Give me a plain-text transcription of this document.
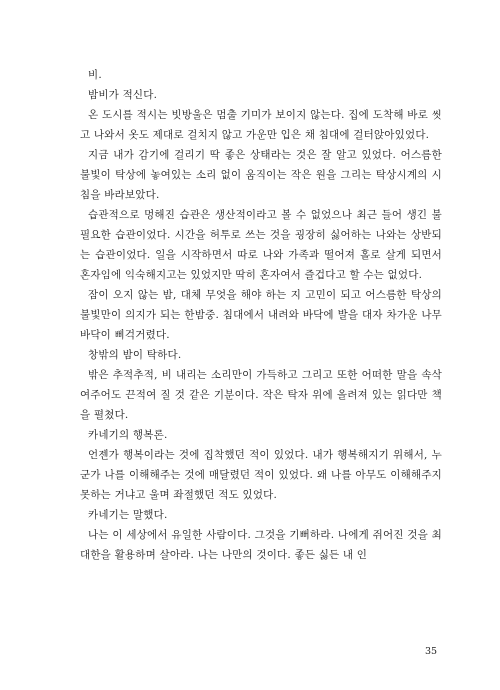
비.

밤비가 적신다.

온 도시를 적시는 빗방울은 멈출 기미가 보이지 않는다. 집에 도착해 바로 씻고 나와서 옷도 제대로 걸치지 않고 가운만 입은 채 침대에 걸터앉아있었다.

지금 내가 감기에 걸리기 딱 좋은 상태라는 것은 잘 알고 있었다. 어스름한 불빛이 탁상에 놓여있는 소리 없이 움직이는 작은 원을 그리는 탁상시계의 시침을 바라보았다.

습관적으로 멍해진 습관은 생산적이라고 볼 수 없었으나 최근 들어 생긴 불필요한 습관이었다. 시간을 허투로 쓰는 것을 굉장히 싫어하는 나와는 상반되는 습관이었다. 일을 시작하면서 따로 나와 가족과 떨어져 홀로 살게 되면서 혼자임에 익숙해지고는 있었지만 딱히 혼자여서 즐겁다고 할 수는 없었다.

잠이 오지 않는 밤, 대체 무엇을 해야 하는 지 고민이 되고 어스름한 탁상의 불빛만이 의지가 되는 한밤중. 침대에서 내려와 바닥에 발을 대자 차가운 나무 바닥이 삐걱거렸다.

창밖의 밤이 탁하다.

밖은 추적추적, 비 내리는 소리만이 가득하고 그리고 또한 어떠한 말을 속삭여주어도 끈적여 질 것 같은 기분이다. 작은 탁자 위에 올려져 있는 읽다만 책을 펼쳤다.

카네기의 행복론.

언젠가 행복이라는 것에 집착했던 적이 있었다. 내가 행복해지기 위해서, 누군가 나를 이해해주는 것에 매달렸던 적이 있었다. 왜 나를 아무도 이해해주지 못하는 거냐고 울며 좌절했던 적도 있었다.

카네기는 말했다.

나는 이 세상에서 유일한 사람이다. 그것을 기뻐하라. 나에게 쥐어진 것을 최대한을 활용하며 살아라. 나는 나만의 것이다. 좋든 싫든 내 인

35
